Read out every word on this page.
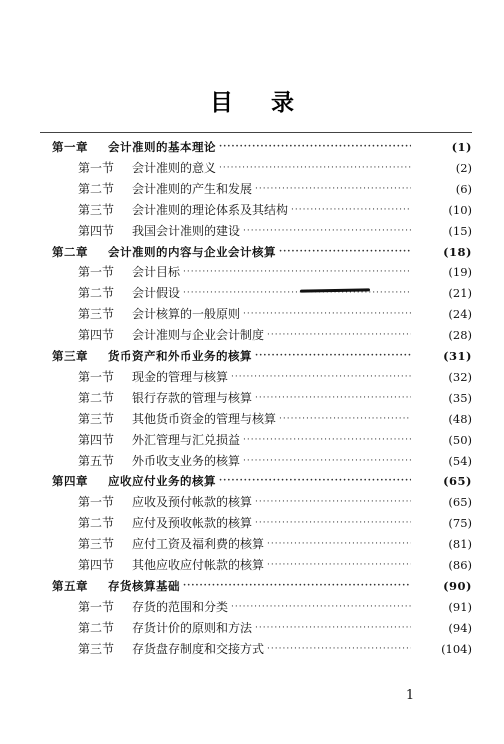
目 录
第一章 会计准则的基本理论 ·····	(1)
第一节 会计准则的意义 ·····	(2)
第二节 会计准则的产生和发展 ·····	(6)
第三节 会计准则的理论体系及其结构 ·····	(10)
第四节 我国会计准则的建设 ·····	(15)
第二章 会计准则的内容与企业会计核算 ·····	(18)
第一节 会计目标 ·····	(19)
第二节 会计假设 ·····	(21)
第三节 会计核算的一般原则 ·····	(24)
第四节 会计准则与企业会计制度 ·····	(28)
第三章 货币资产和外币业务的核算 ·····	(31)
第一节 现金的管理与核算 ·····	(32)
第二节 银行存款的管理与核算 ·····	(35)
第三节 其他货币资金的管理与核算 ·····	(48)
第四节 外汇管理与汇兑损益 ·····	(50)
第五节 外币收支业务的核算 ·····	(54)
第四章 应收应付业务的核算 ·····	(65)
第一节 应收及预付帐款的核算 ·····	(65)
第二节 应付及预收帐款的核算 ·····	(75)
第三节 应付工资及福利费的核算 ·····	(81)
第四节 其他应收应付帐款的核算 ·····	(86)
第五章 存货核算基础 ·····	(90)
第一节 存货的范围和分类 ·····	(91)
第二节 存货计价的原则和方法 ·····	(94)
第三节 存货盘存制度和交接方式 ·····	(104)
1
